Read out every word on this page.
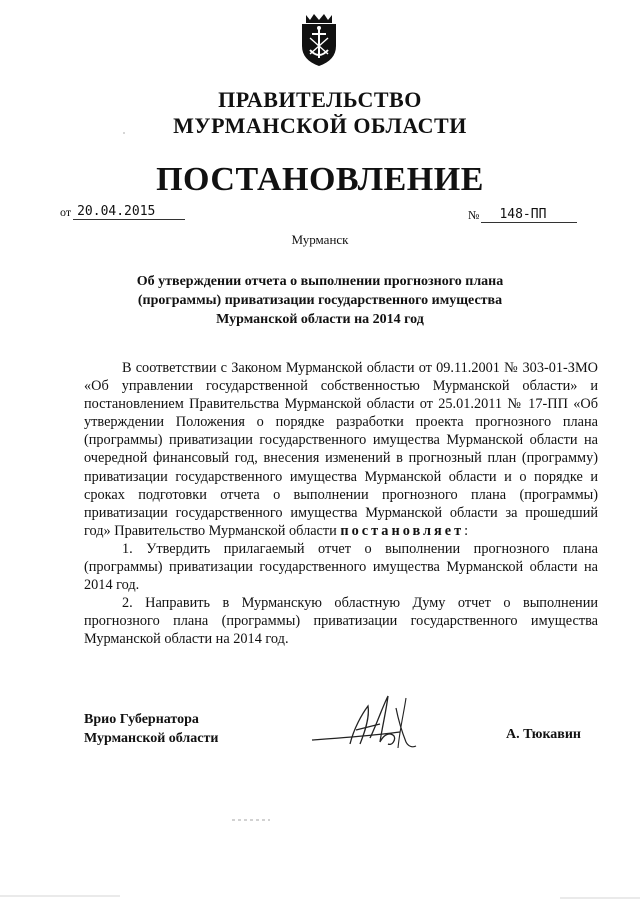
ПРАВИТЕЛЬСТВО
МУРМАНСКОЙ ОБЛАСТИ
ПОСТАНОВЛЕНИЕ
от 20.04.2015	№	148-ПП
Мурманск
Об утверждении отчета о выполнении прогнозного плана
(программы) приватизации государственного имущества
Мурманской области на 2014 год

В соответствии с Законом Мурманской области от 09.11.2001 № 303-01-ЗМО «Об управлении государственной собственностью Мурманской области» и постановлением Правительства Мурманской области от 25.01.2011 № 17-ПП «Об утверждении Положения о порядке разработки проекта прогнозного плана (программы) приватизации государственного имущества Мурманской области на очередной финансовый год, внесения изменений в прогнозный план (программу) приватизации государственного имущества Мурманской области и о порядке и сроках подготовки отчета о выполнении прогнозного плана (программы) приватизации государственного имущества Мурманской области за прошедший год» Правительство Мурманской области постановляет:

1. Утвердить прилагаемый отчет о выполнении прогнозного плана (программы) приватизации государственного имущества Мурманской области на 2014 год.

2. Направить в Мурманскую областную Думу отчет о выполнении прогнозного плана (программы) приватизации государственного имущества Мурманской области на 2014 год.

Врио Губернатора
Мурманской области	А. Тюкавин
